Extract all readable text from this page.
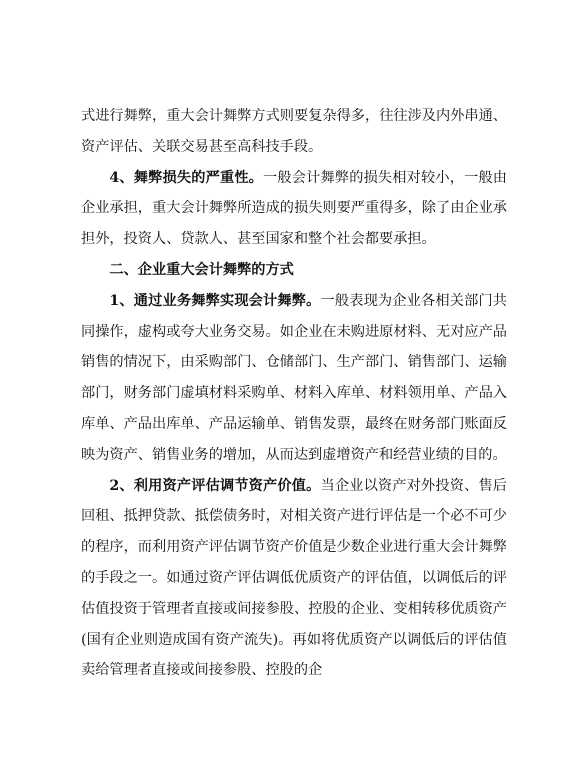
式进行舞弊，重大会计舞弊方式则要复杂得多，往往涉及内外串通、资产评估、关联交易甚至高科技手段。

4、舞弊损失的严重性。一般会计舞弊的损失相对较小，一般由企业承担，重大会计舞弊所造成的损失则要严重得多，除了由企业承担外，投资人、贷款人、甚至国家和整个社会都要承担。

二、企业重大会计舞弊的方式

1、通过业务舞弊实现会计舞弊。一般表现为企业各相关部门共同操作，虚构或夸大业务交易。如企业在未购进原材料、无对应产品销售的情况下，由采购部门、仓储部门、生产部门、销售部门、运输部门，财务部门虚填材料采购单、材料入库单、材料领用单、产品入库单、产品出库单、产品运输单、销售发票，最终在财务部门账面反映为资产、销售业务的增加，从而达到虚增资产和经营业绩的目的。

2、利用资产评估调节资产价值。当企业以资产对外投资、售后回租、抵押贷款、抵偿债务时，对相关资产进行评估是一个必不可少的程序，而利用资产评估调节资产价值是少数企业进行重大会计舞弊的手段之一。如通过资产评估调低优质资产的评估值，以调低后的评估值投资于管理者直接或间接参股、控股的企业、变相转移优质资产(国有企业则造成国有资产流失)。再如将优质资产以调低后的评估值卖给管理者直接或间接参股、控股的企
